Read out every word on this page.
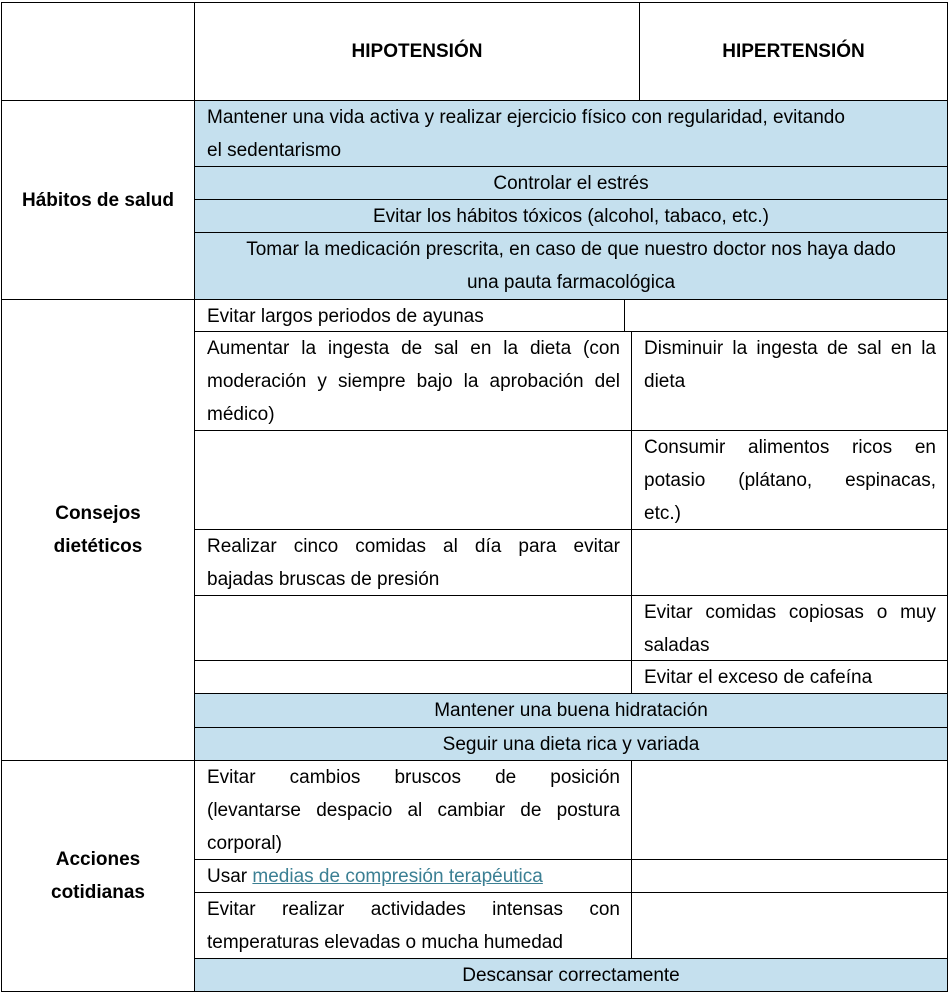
HIPOTENSIÓN	HIPERTENSIÓN
Hábitos de salud
Mantener una vida activa y realizar ejercicio físico con regularidad, evitando
el sedentarismo
Controlar el estrés
Evitar los hábitos tóxicos (alcohol, tabaco, etc.)
Tomar la medicación prescrita, en caso de que nuestro doctor nos haya dado
una pauta farmacológica
Consejos
dietéticos
Evitar largos periodos de ayunas
Aumentar la ingesta de sal en la dieta (con
moderación y siempre bajo la aprobación del
médico)
Disminuir la ingesta de sal en la
dieta
Consumir alimentos ricos en
potasio (plátano, espinacas,
etc.)
Realizar cinco comidas al día para evitar
bajadas bruscas de presión
Evitar comidas copiosas o muy
saladas
Evitar el exceso de cafeína
Mantener una buena hidratación
Seguir una dieta rica y variada
Acciones
cotidianas
Evitar cambios bruscos de posición
(levantarse despacio al cambiar de postura
corporal)
Usar medias de compresión terapéutica
Evitar realizar actividades intensas con
temperaturas elevadas o mucha humedad
Descansar correctamente
